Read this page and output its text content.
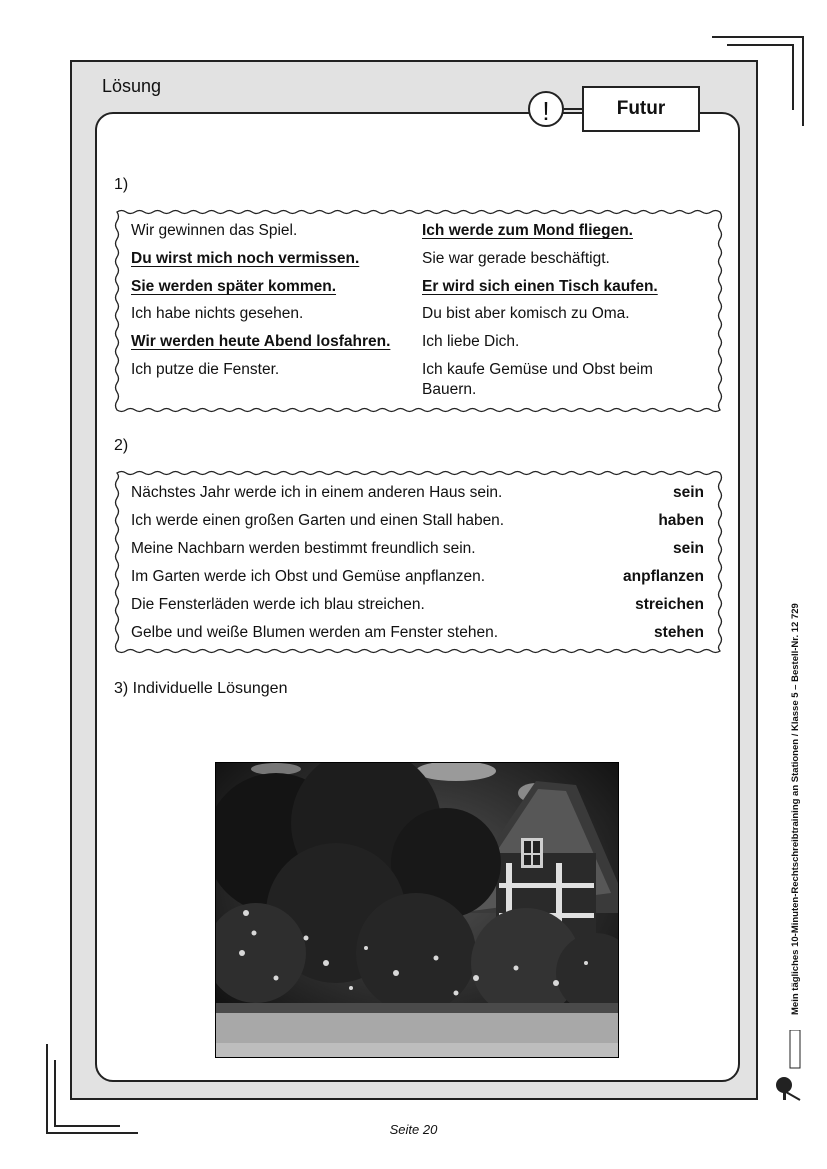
Lösung
!	Futur
1)
Wir gewinnen das Spiel.
Du wirst mich noch vermissen.
Sie werden später kommen.
Ich habe nichts gesehen.
Wir werden heute Abend losfahren.
Ich putze die Fenster.
Ich werde zum Mond fliegen.
Sie war gerade beschäftigt.
Er wird sich einen Tisch kaufen.
Du bist aber komisch zu Oma.
Ich liebe Dich.
Ich kaufe Gemüse und Obst beim
Bauern.
2)
sein
haben
sein
anpflanzen
streichen
stehen
Nächstes Jahr werde ich in einem anderen Haus sein.
Ich werde einen großen Garten und einen Stall haben.
Meine Nachbarn werden bestimmt freundlich sein.
Im Garten werde ich Obst und Gemüse anpflanzen.
Die Fensterläden werde ich blau streichen.
Gelbe und weiße Blumen werden am Fenster stehen.
3) Individuelle Lösungen	Mein tägliches 10-Minuten-Rechtschreibtraining an Stationen / Klasse 5 – Bestell-Nr. 12 729
Seite 20
